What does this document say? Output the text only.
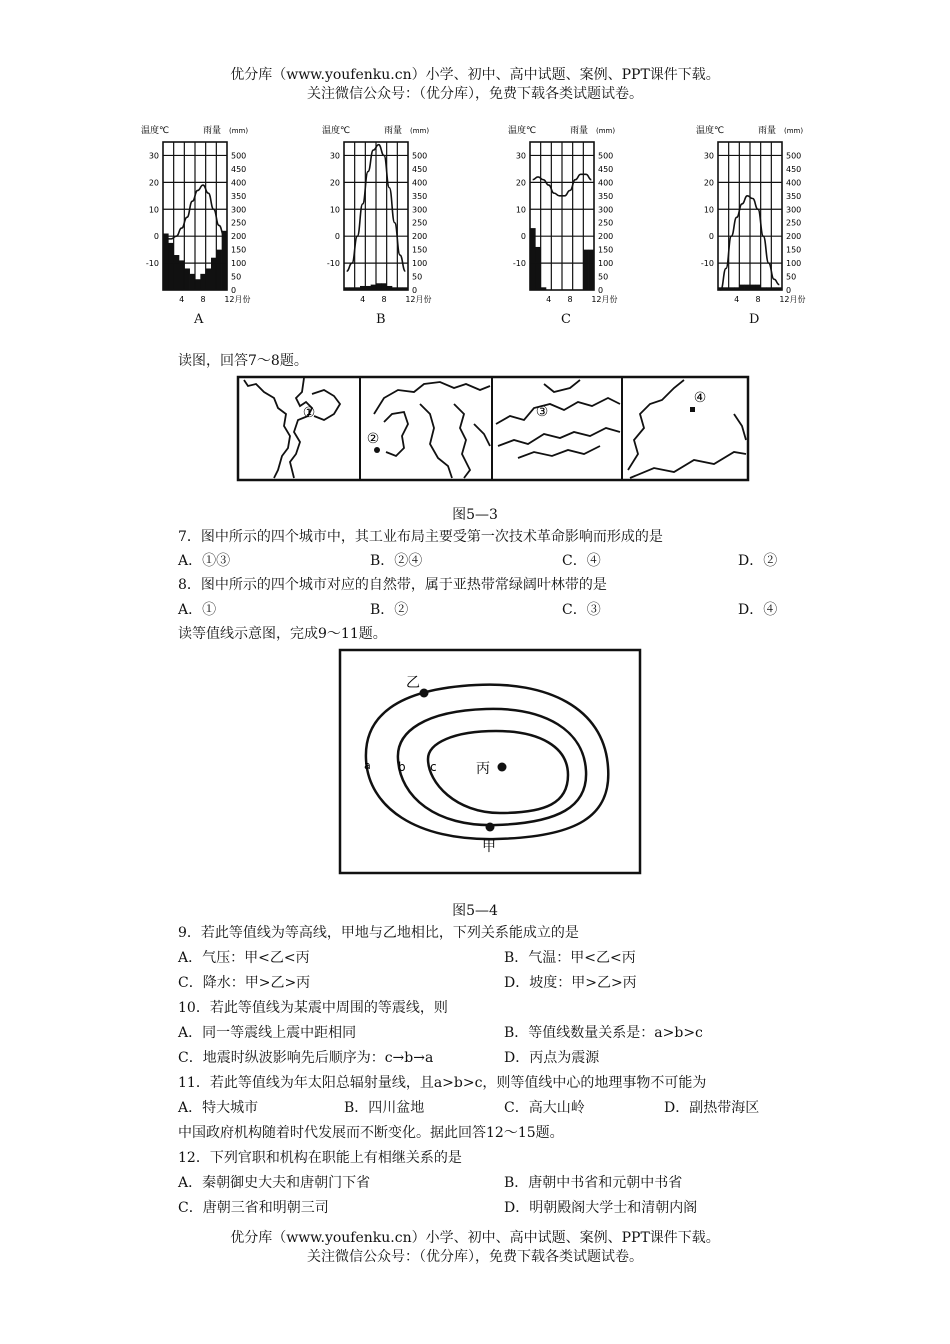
优分库（www.youfenku.cn）小学、初中、高中试题、案例、PPT课件下载。
关注微信公众号：（优分库），免费下载各类试题试卷。
温度℃	雨量 (mm)
30
20
10
0
-10
500
450
400
350
300
250
200
150
100
50
0
4 8 12月份
温度℃	雨量 (mm)
30
20
10
0
-10
500
450
400
350
300
250
200
150
100
50
0
4 8 12月份
温度℃	雨量 (mm)
30
20
10
0
-10
500
450
400
350
300
250
200
150
100
50
0
4 8 12月份
温度℃	雨量 (mm)
30
20
10
0
-10
500
450
400
350
300
250
200
150
100
50
0
4 8 12月份
A	B	C	D
读图，回答7～8题。
①
②
③
④
图5—3
7．图中所示的四个城市中，其工业布局主要受第一次技术革命影响而形成的是
A．①③	B．②④	C．④	D．②
8．图中所示的四个城市对应的自然带，属于亚热带常绿阔叶林带的是
A．①	B．②	C．③	D．④
读等值线示意图，完成9～11题。
乙
丙
甲
a b c
图5—4
9．若此等值线为等高线，甲地与乙地相比，下列关系能成立的是
A．气压：甲<乙<丙	B．气温：甲<乙<丙
C．降水：甲>乙>丙	D．坡度：甲>乙>丙
10．若此等值线为某震中周围的等震线，则
A．同一等震线上震中距相同	B．等值线数量关系是：a>b>c
C．地震时纵波影响先后顺序为：c→b→a	D．丙点为震源
11．若此等值线为年太阳总辐射量线，且a>b>c，则等值线中心的地理事物不可能为
A．特大城市	B．四川盆地	C．高大山岭	D．副热带海区
中国政府机构随着时代发展而不断变化。据此回答12～15题。
12．下列官职和机构在职能上有相继关系的是
A．秦朝御史大夫和唐朝门下省	B．唐朝中书省和元朝中书省
C．唐朝三省和明朝三司	D．明朝殿阁大学士和清朝内阁
优分库（www.youfenku.cn）小学、初中、高中试题、案例、PPT课件下载。
关注微信公众号：（优分库），免费下载各类试题试卷。
